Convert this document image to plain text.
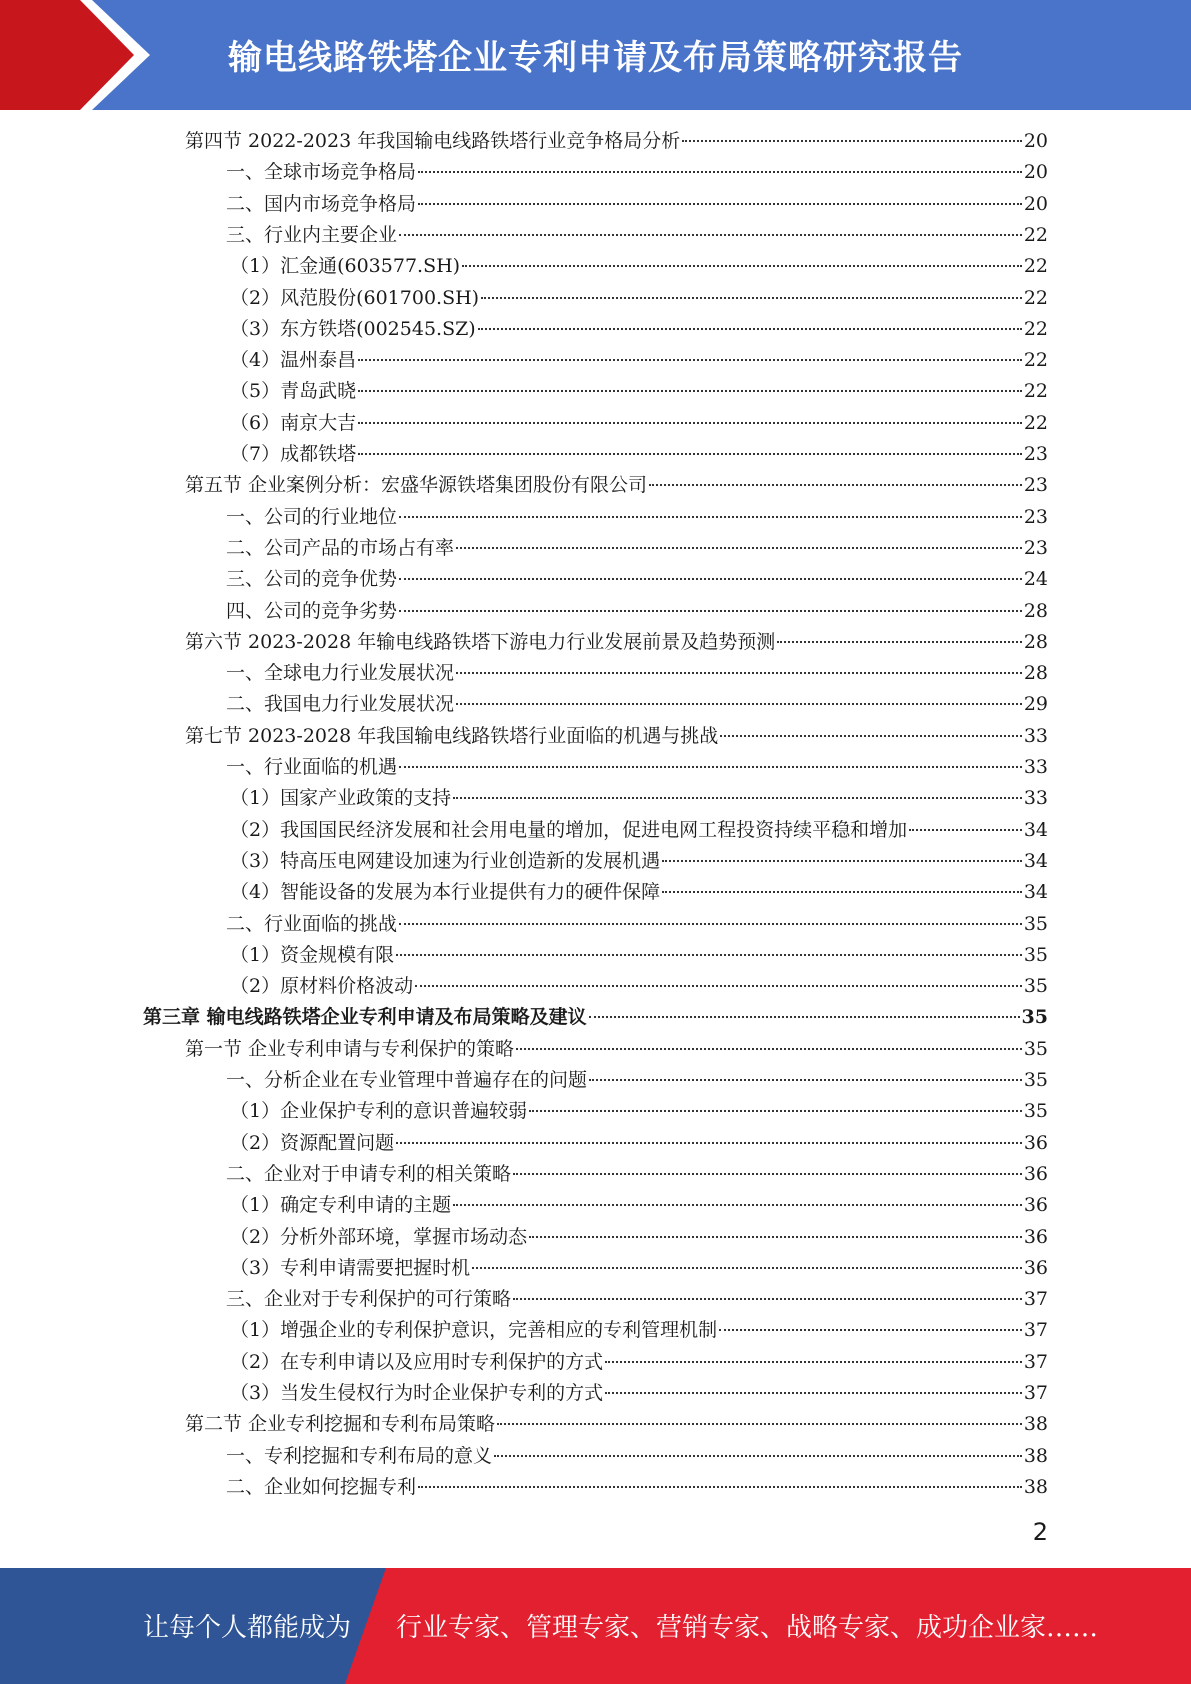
输电线路铁塔企业专利申请及布局策略研究报告
第四节 2022-2023 年我国输电线路铁塔行业竞争格局分析	20
一、全球市场竞争格局	20
二、国内市场竞争格局	20
三、行业内主要企业	22
（1）汇金通(603577.SH)	22
（2）风范股份(601700.SH)	22
（3）东方铁塔(002545.SZ)	22
（4）温州泰昌	22
（5）青岛武晓	22
（6）南京大吉	22
（7）成都铁塔	23
第五节 企业案例分析：宏盛华源铁塔集团股份有限公司	23
一、公司的行业地位	23
二、公司产品的市场占有率	23
三、公司的竞争优势	24
四、公司的竞争劣势	28
第六节 2023-2028 年输电线路铁塔下游电力行业发展前景及趋势预测	28
一、全球电力行业发展状况	28
二、我国电力行业发展状况	29
第七节 2023-2028 年我国输电线路铁塔行业面临的机遇与挑战	33
一、行业面临的机遇	33
（1）国家产业政策的支持	33
（2）我国国民经济发展和社会用电量的增加，促进电网工程投资持续平稳和增加	34
（3）特高压电网建设加速为行业创造新的发展机遇	34
（4）智能设备的发展为本行业提供有力的硬件保障	34
二、行业面临的挑战	35
（1）资金规模有限	35
（2）原材料价格波动	35
第三章 输电线路铁塔企业专利申请及布局策略及建议	35
第一节 企业专利申请与专利保护的策略	35
一、分析企业在专业管理中普遍存在的问题	35
（1）企业保护专利的意识普遍较弱	35
（2）资源配置问题	36
二、企业对于申请专利的相关策略	36
（1）确定专利申请的主题	36
（2）分析外部环境，掌握市场动态	36
（3）专利申请需要把握时机	36
三、企业对于专利保护的可行策略	37
（1）增强企业的专利保护意识，完善相应的专利管理机制	37
（2）在专利申请以及应用时专利保护的方式	37
（3）当发生侵权行为时企业保护专利的方式	37
第二节 企业专利挖掘和专利布局策略	38
一、专利挖掘和专利布局的意义	38
二、企业如何挖掘专利	38
2
让每个人都能成为 行业专家、管理专家、营销专家、战略专家、成功企业家……
